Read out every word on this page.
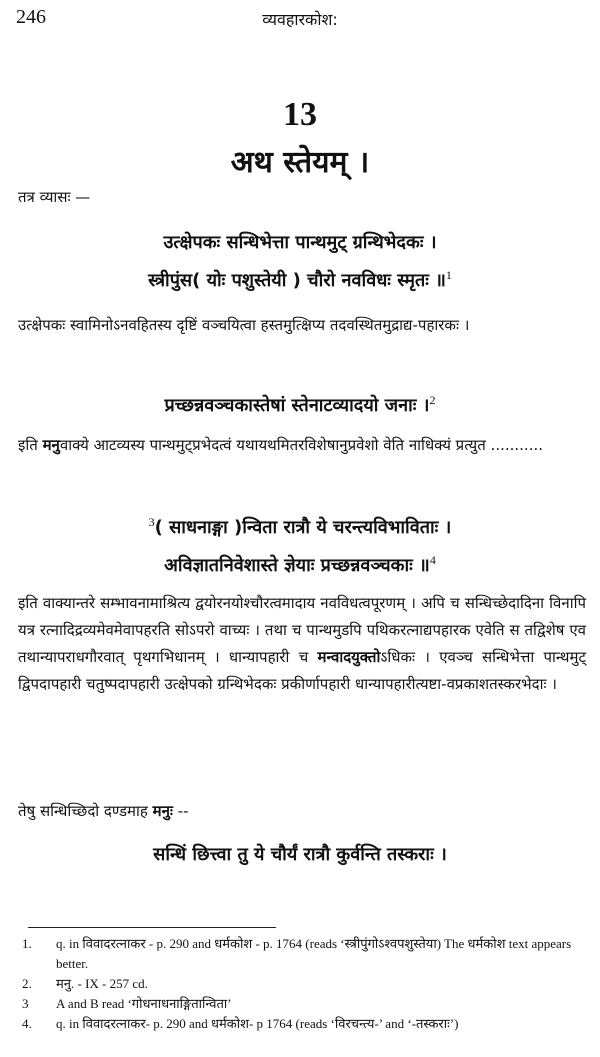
246	व्यवहारकोश:
13
अथ स्तेयम् ।
तत्र व्यासः —
उत्क्षेपकः सन्धिभेत्ता पान्थमुट् ग्रन्थिभेदकः ।
स्त्रीपुंस( योः पशुस्तेयी ) चौरो नवविधः स्मृतः ॥$^1$
उत्क्षेपकः स्वामिनोऽनवहितस्य दृष्टिं वञ्चयित्वा हस्तमुत्क्षिप्य तदवस्थितमुद्राद्य-पहारकः ।
प्रच्छन्नवञ्चकास्तेषां स्तेनाटव्यादयो जनाः ।$^2$
इति मनुवाक्ये आटव्यस्य पान्थमुट्प्रभेदत्वं यथायथमितरविशेषानुप्रवेशो वेति नाधिक्यं प्रत्युत ...........
$^3$( साधनाङ्गा )न्विता रात्रौ ये चरन्त्यविभाविताः ।
अविज्ञातनिवेशास्ते ज्ञेयाः प्रच्छन्नवञ्चकाः ॥$^4$
इति वाक्यान्तरे सम्भावनामाश्रित्य द्वयोरनयोश्चौरत्वमादाय नवविधत्वपूरणम् । अपि च सन्धिच्छेदादिना विनापि यत्र रत्नादिद्रव्यमेवमेवापहरति सोऽपरो वाच्यः । तथा च पान्थमुडपि पथिकरत्नाद्यपहारक एवेति स तद्विशेष एव तथान्यापराधगौरवात् पृथगभिधानम् । धान्यापहारी च मन्वादयुक्तोऽधिकः । एवञ्च सन्धिभेत्ता पान्थमुट् द्विपदापहारी चतुष्पदापहारी उत्क्षेपको ग्रन्थिभेदकः प्रकीर्णापहारी धान्यापहारीत्यष्टा-वप्रकाशतस्करभेदाः ।
तेषु सन्धिच्छिदो दण्डमाह मनुः --
सन्धिं छित्त्वा तु ये चौर्यं रात्रौ कुर्वन्ति तस्कराः ।
1. q. in विवादरत्नाकर - p. 290 and धर्मकोश - p. 1764 (reads ‘स्त्रीपुंगोऽश्वपशुस्तेया) The धर्मकोश text appears better.
2. मनु. - IX - 257 cd.
3 A and B read ‘गोधनाधनाङ्गितान्विता’
4. q. in विवादरत्नाकर- p. 290 and धर्मकोश- p 1764 (reads ‘विरचन्त्य-’ and ‘-तस्कराः’)
